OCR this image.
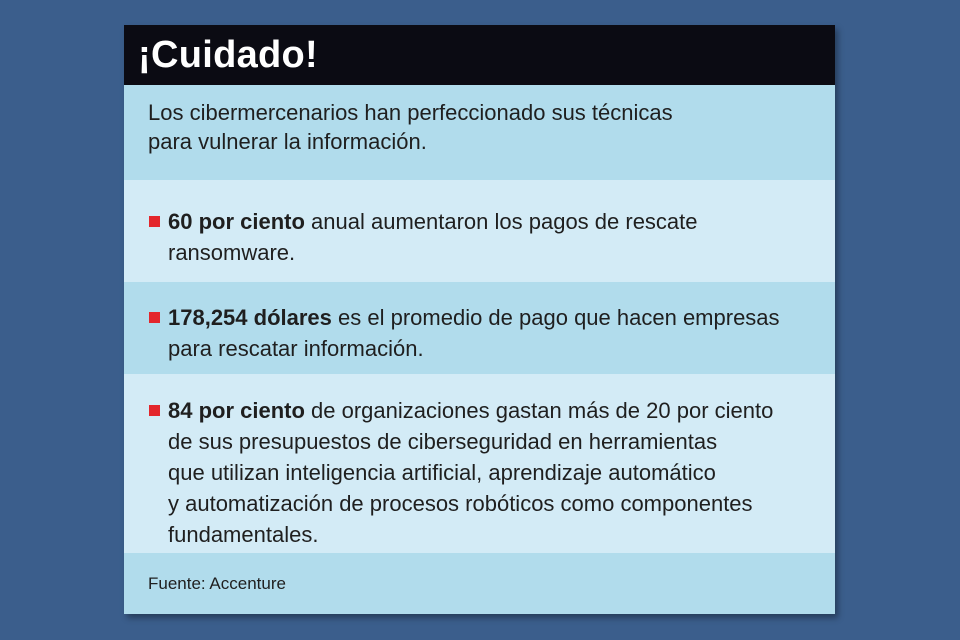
¡Cuidado!
Los cibermercenarios han perfeccionado sus técnicas
para vulnerar la información.
60 por ciento anual aumentaron los pagos de rescate
ransomware.
178,254 dólares es el promedio de pago que hacen empresas
para rescatar información.
84 por ciento de organizaciones gastan más de 20 por ciento
de sus presupuestos de ciberseguridad en herramientas
que utilizan inteligencia artificial, aprendizaje automático
y automatización de procesos robóticos como componentes
fundamentales.
Fuente: Accenture
